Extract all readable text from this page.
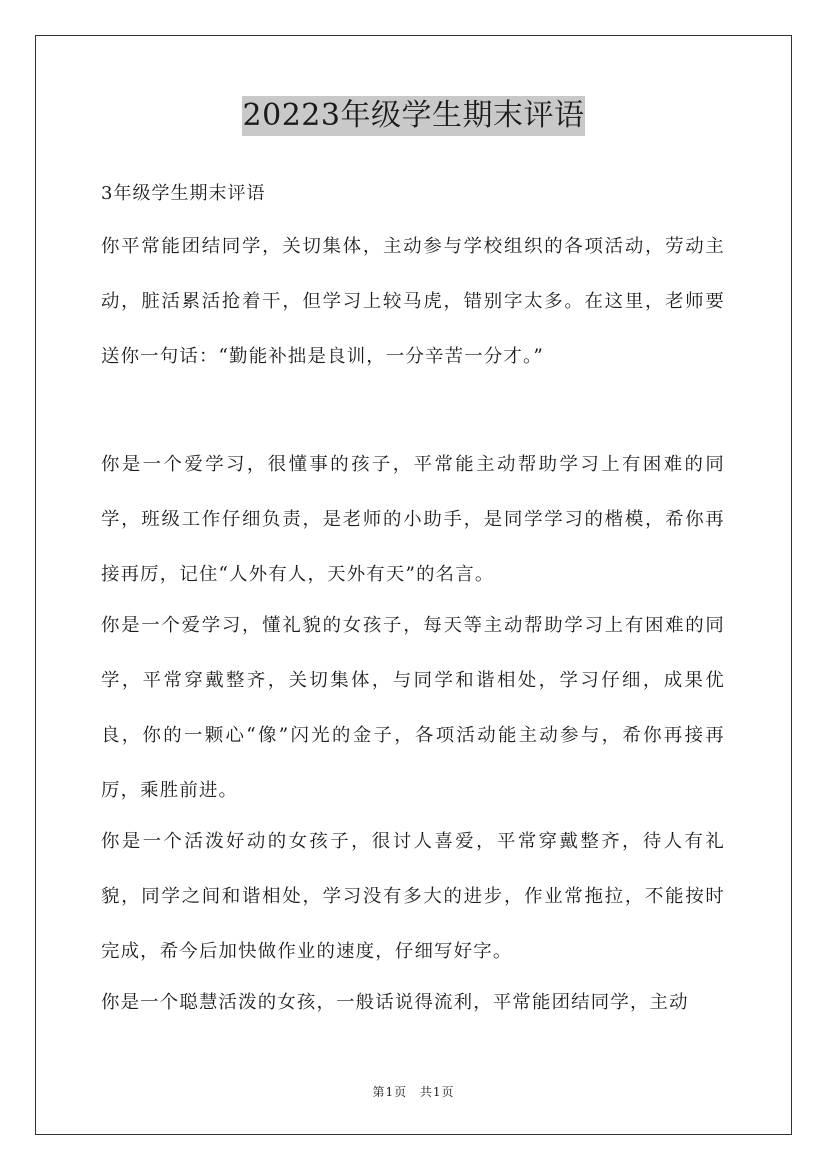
20223年级学生期末评语
3年级学生期末评语
你平常能团结同学，关切集体，主动参与学校组织的各项活动，劳动主动，脏活累活抢着干，但学习上较马虎，错别字太多。在这里，老师要送你一句话：“勤能补拙是良训，一分辛苦一分才。”
你是一个爱学习，很懂事的孩子，平常能主动帮助学习上有困难的同学，班级工作仔细负责，是老师的小助手，是同学学习的楷模，希你再接再厉，记住“人外有人，天外有天”的名言。
你是一个爱学习，懂礼貌的女孩子，每天等主动帮助学习上有困难的同学，平常穿戴整齐，关切集体，与同学和谐相处，学习仔细，成果优良，你的一颗心“像”闪光的金子，各项活动能主动参与，希你再接再厉，乘胜前进。
你是一个活泼好动的女孩子，很讨人喜爱，平常穿戴整齐，待人有礼貌，同学之间和谐相处，学习没有多大的进步，作业常拖拉，不能按时完成，希今后加快做作业的速度，仔细写好字。
你是一个聪慧活泼的女孩，一般话说得流利，平常能团结同学，主动
第1页 共1页
